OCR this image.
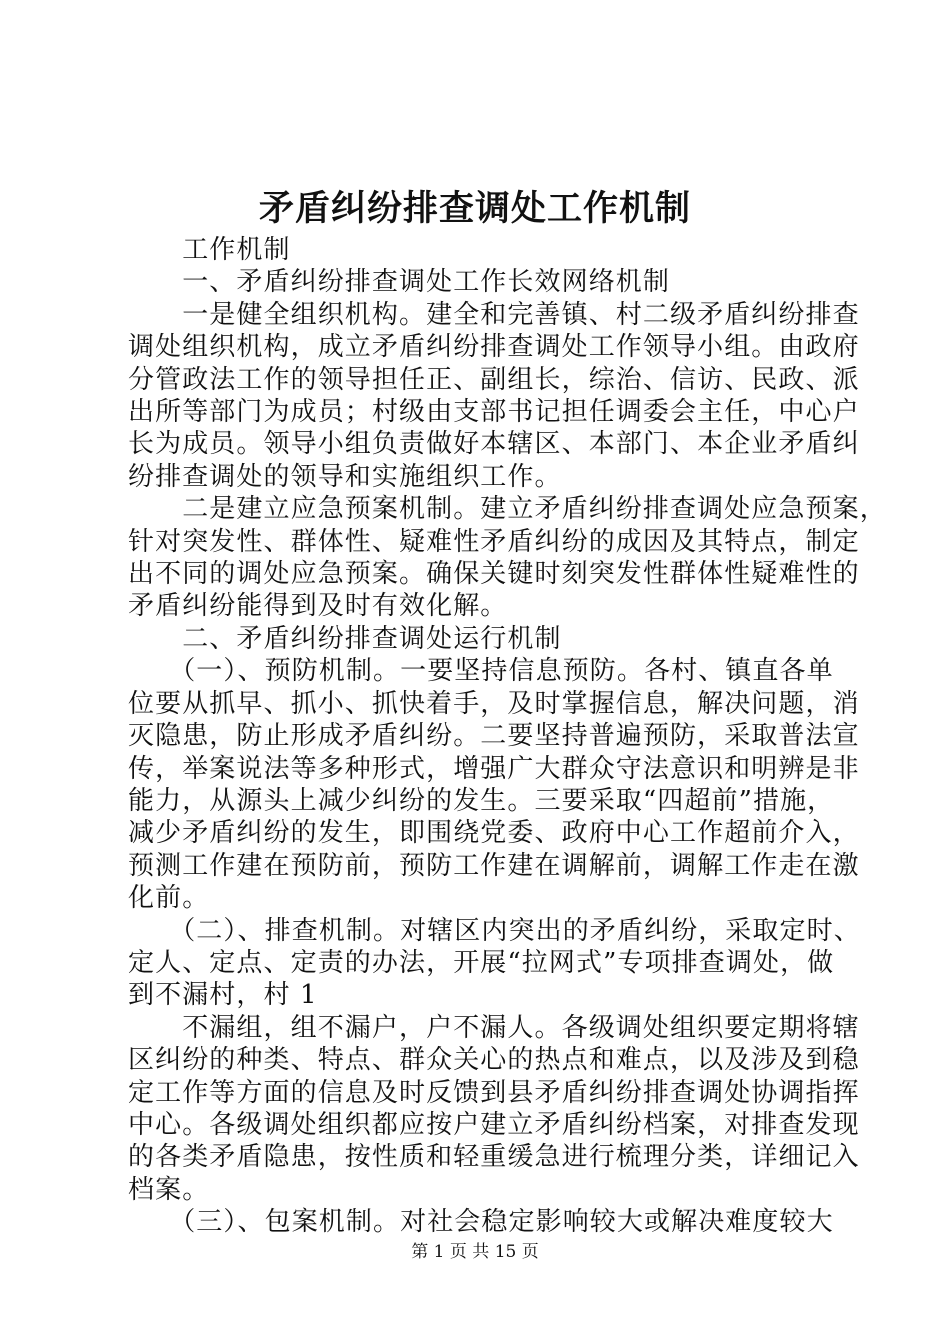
矛盾纠纷排查调处工作机制

　　工作机制

　　一、矛盾纠纷排查调处工作长效网络机制

　　一是健全组织机构。建全和完善镇、村二级矛盾纠纷排查

调处组织机构，成立矛盾纠纷排查调处工作领导小组。由政府

分管政法工作的领导担任正、副组长，综治、信访、民政、派

出所等部门为成员；村级由支部书记担任调委会主任，中心户

长为成员。领导小组负责做好本辖区、本部门、本企业矛盾纠

纷排查调处的领导和实施组织工作。

　　二是建立应急预案机制。建立矛盾纠纷排查调处应急预案，

针对突发性、群体性、疑难性矛盾纠纷的成因及其特点，制定

出不同的调处应急预案。确保关键时刻突发性群体性疑难性的

矛盾纠纷能得到及时有效化解。

　　二、矛盾纠纷排查调处运行机制

　　（一）、预防机制。一要坚持信息预防。各村、镇直各单

位要从抓早、抓小、抓快着手，及时掌握信息，解决问题，消

灭隐患，防止形成矛盾纠纷。二要坚持普遍预防，采取普法宣

传，举案说法等多种形式，增强广大群众守法意识和明辨是非

能力，从源头上减少纠纷的发生。三要采取“四超前”措施，

减少矛盾纠纷的发生，即围绕党委、政府中心工作超前介入，

预测工作建在预防前，预防工作建在调解前，调解工作走在激

化前。

　　（二）、排查机制。对辖区内突出的矛盾纠纷，采取定时、

定人、定点、定责的办法，开展“拉网式”专项排查调处，做

到不漏村，村 1

　　不漏组，组不漏户，户不漏人。各级调处组织要定期将辖

区纠纷的种类、特点、群众关心的热点和难点，以及涉及到稳

定工作等方面的信息及时反馈到县矛盾纠纷排查调处协调指挥

中心。各级调处组织都应按户建立矛盾纠纷档案，对排查发现

的各类矛盾隐患，按性质和轻重缓急进行梳理分类，详细记入

档案。

　　（三）、包案机制。对社会稳定影响较大或解决难度较大

第 1 页 共 15 页
